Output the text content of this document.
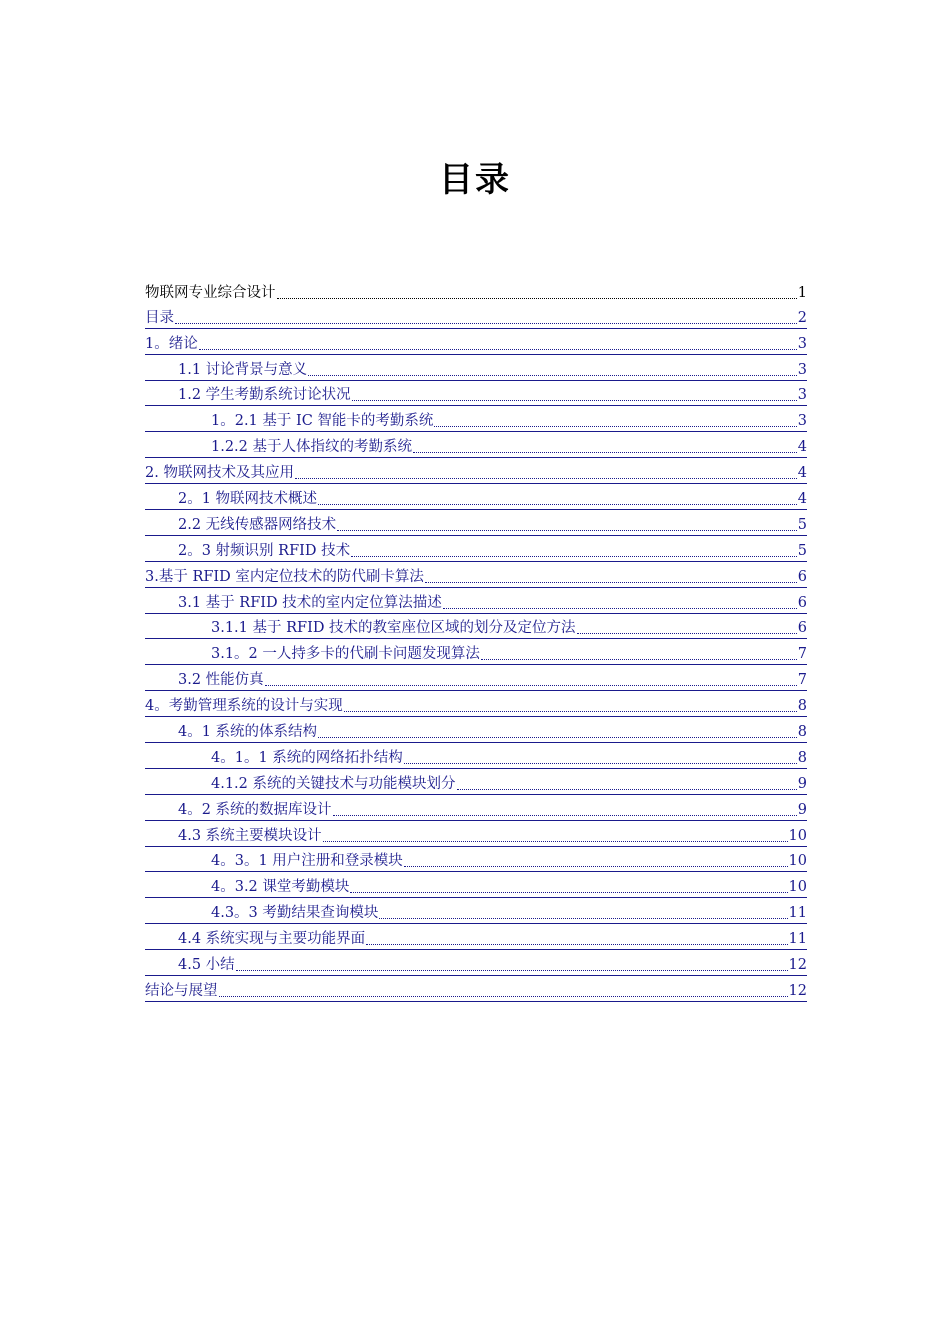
目录
物联网专业综合设计	1
目录	2
1。绪论	3
1.1 讨论背景与意义	3
1.2 学生考勤系统讨论状况	3
1。2.1 基于 IC 智能卡的考勤系统	3
1.2.2 基于人体指纹的考勤系统	4
2. 物联网技术及其应用	4
2。1 物联网技术概述	4
2.2 无线传感器网络技术	5
2。3 射频识别 RFID 技术	5
3.基于 RFID 室内定位技术的防代刷卡算法	6
3.1 基于 RFID 技术的室内定位算法描述	6
3.1.1 基于 RFID 技术的教室座位区域的划分及定位方法	6
3.1。2 一人持多卡的代刷卡问题发现算法	7
3.2 性能仿真	7
4。考勤管理系统的设计与实现	8
4。1 系统的体系结构	8
4。1。1 系统的网络拓扑结构	8
4.1.2 系统的关键技术与功能模块划分	9
4。2 系统的数据库设计	9
4.3 系统主要模块设计	10
4。3。1 用户注册和登录模块	10
4。3.2 课堂考勤模块	10
4.3。3 考勤结果查询模块	11
4.4 系统实现与主要功能界面	11
4.5 小结	12
结论与展望	12
